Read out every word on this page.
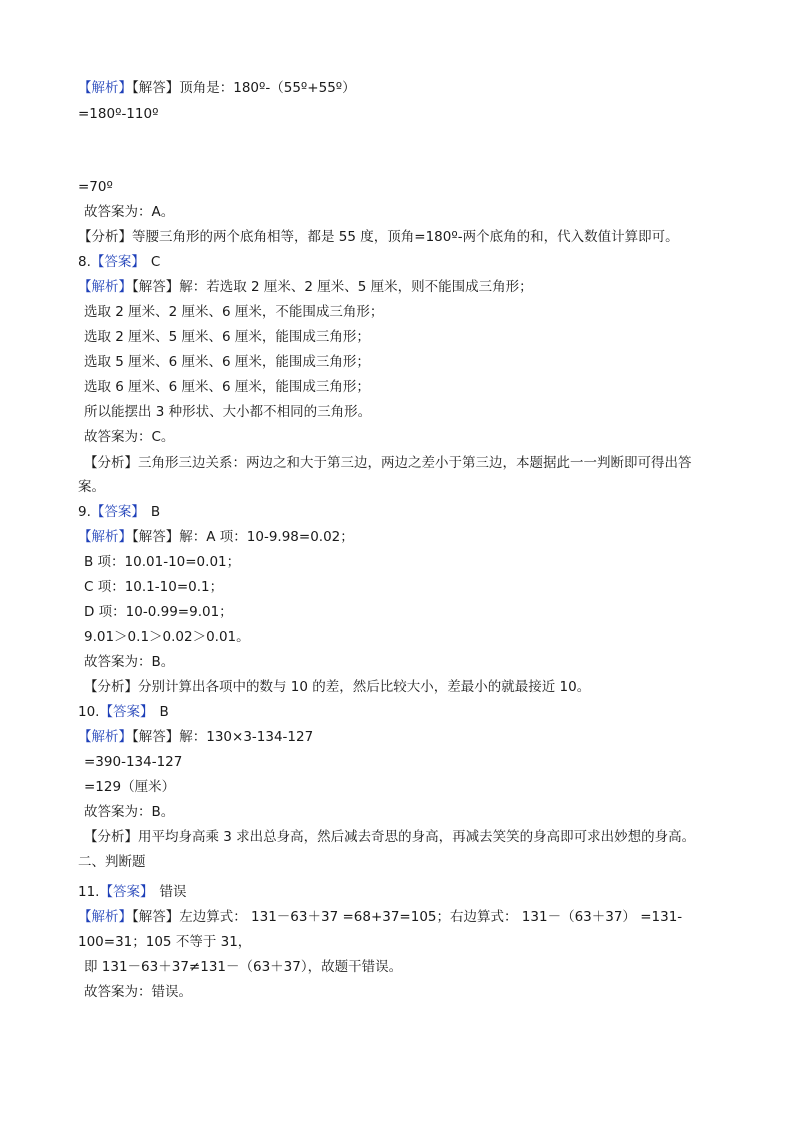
【 解析 】 【 解答 】 顶角是：180º-（55º+55º）
=180º-110º
=70º
故答案为：A。
【 分析 】 等腰三角形的两个底角相等，都是 55 度，顶角=180º-两个底角的和，代入数值计算即可。
8. 【 答案 】 C
【 解析 】 【 解答 】 解：若选取 2 厘米、2 厘米、5 厘米，则不能围成三角形；
选取 2 厘米、2 厘米、6 厘米，不能围成三角形；
选取 2 厘米、5 厘米、6 厘米，能围成三角形；
选取 5 厘米、6 厘米、6 厘米，能围成三角形；
选取 6 厘米、6 厘米、6 厘米，能围成三角形；
所以能摆出 3 种形状、大小都不相同的三角形。
故答案为：C。
【 分析 】 三角形三边关系：两边之和大于第三边，两边之差小于第三边，本题据此一一判断即可得出答
案。
9. 【 答案 】 B
【 解析 】 【 解答 】 解：A 项：10-9.98=0.02；
B 项：10.01-10=0.01；
C 项：10.1-10=0.1；
D 项：10-0.99=9.01；
9.01＞0.1＞0.02＞0.01。
故答案为：B。
【 分析 】 分别计算出各项中的数与 10 的差，然后比较大小，差最小的就最接近 10。
10. 【 答案 】 B
【 解析 】 【 解答 】 解：130×3-134-127
=390-134-127
=129（厘米）
故答案为：B。
【 分析 】 用平均身高乘 3 求出总身高，然后减去奇思的身高，再减去笑笑的身高即可求出妙想的身高。
二、判断题
11. 【 答案 】 错误
【 解析 】 【 解答 】 左边算式： 131－63＋37 =68+37=105；右边算式： 131－（63＋37） =131-
100=31；105 不等于 31，
即 131－63＋37≠131－（63＋37），故题干错误。
故答案为：错误。
